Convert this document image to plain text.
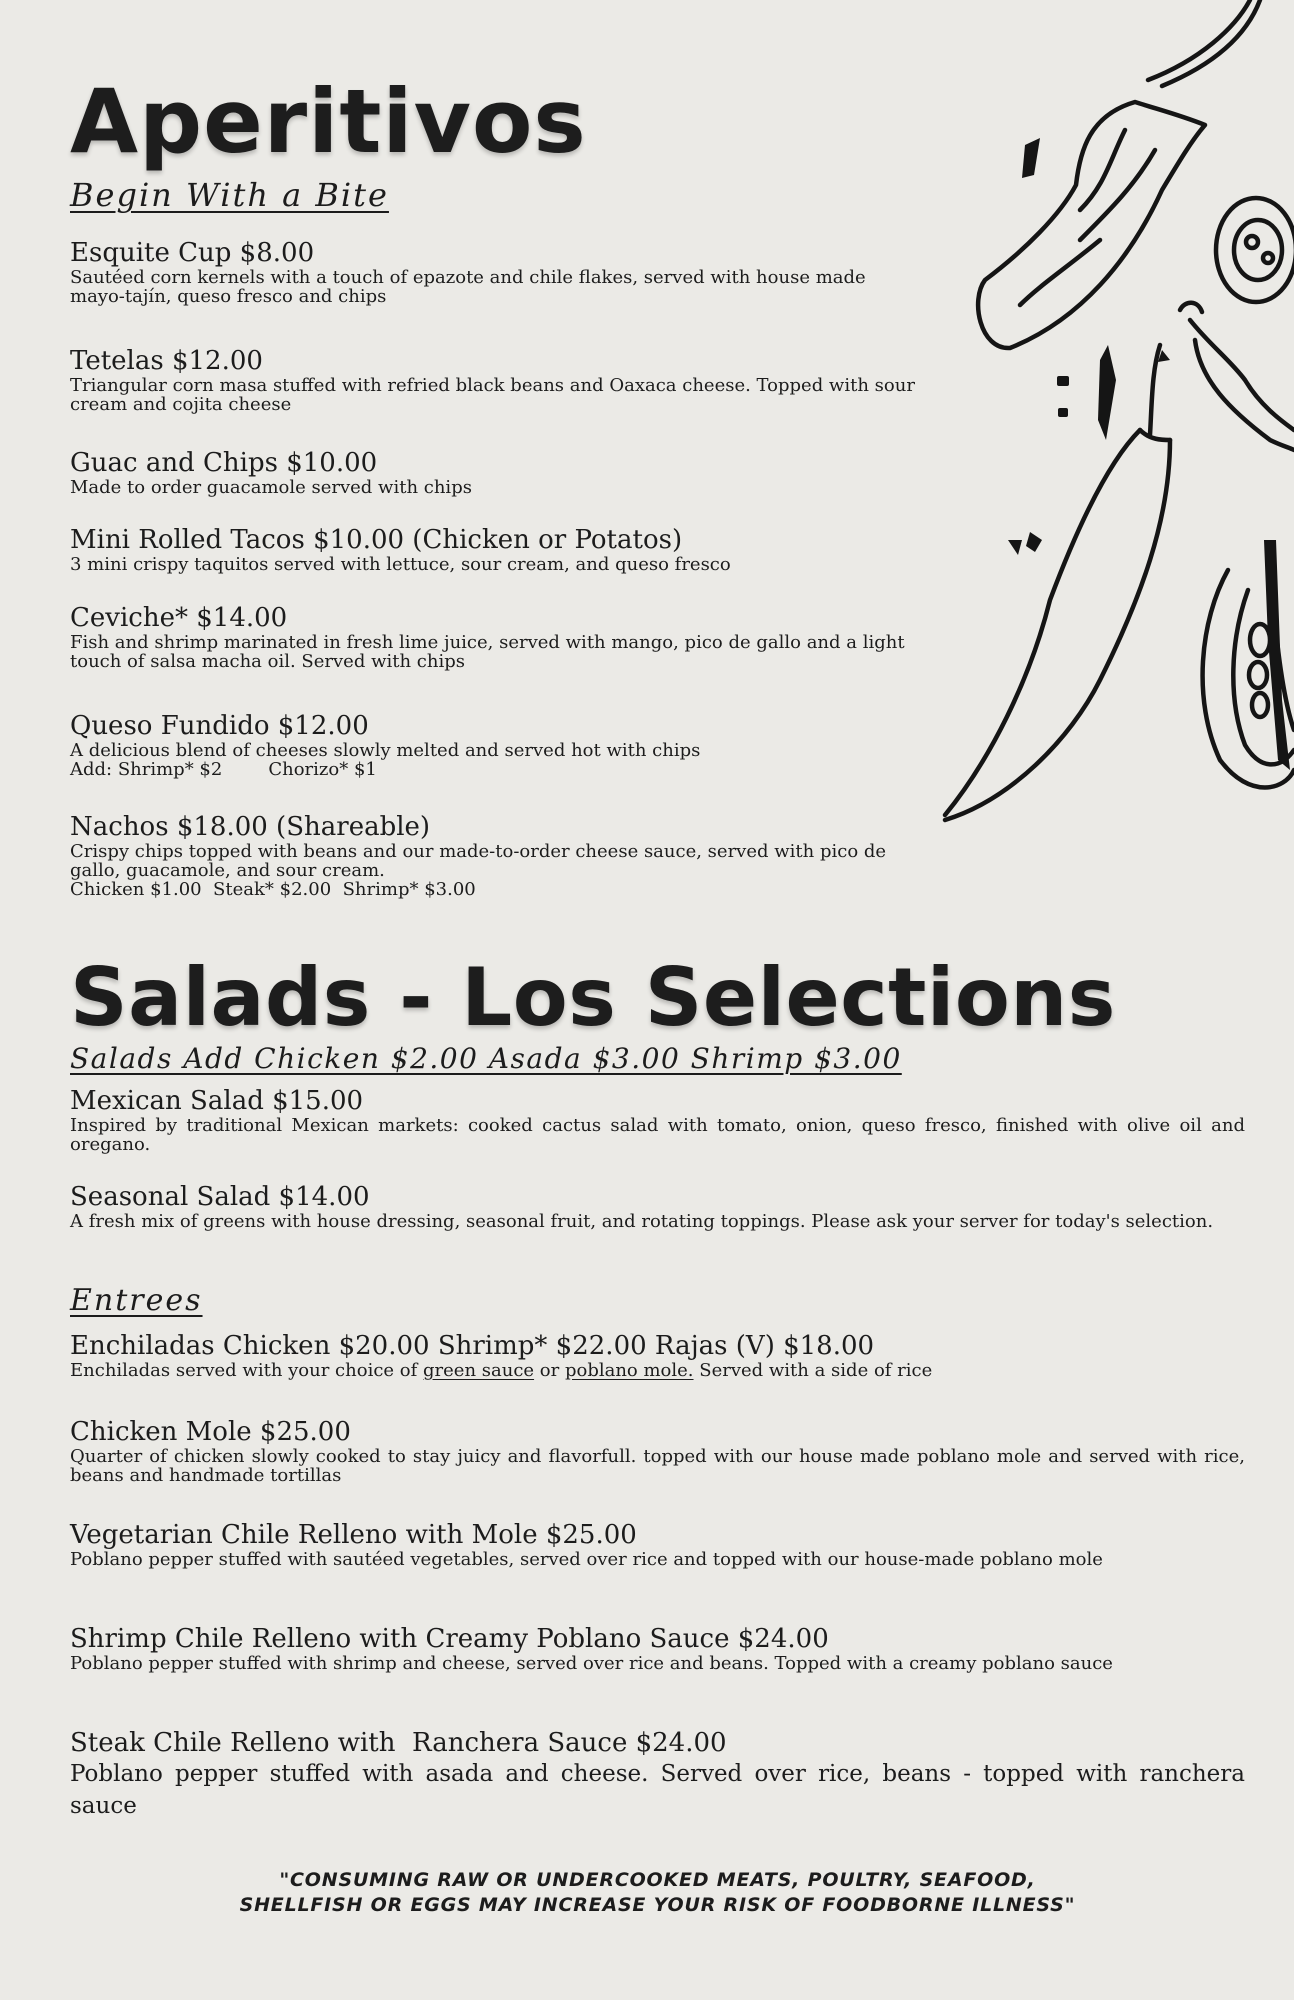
Aperitivos
Begin With a Bite
Esquite Cup $8.00
Sautéed corn kernels with a touch of epazote and chile flakes, served with house made mayo-tajín, queso fresco and chips
Tetelas $12.00
Triangular corn masa stuffed with refried black beans and Oaxaca cheese. Topped with sour cream and cojita cheese
Guac and Chips $10.00
Made to order guacamole served with chips
Mini Rolled Tacos $10.00 (Chicken or Potatos)
3 mini crispy taquitos served with lettuce, sour cream, and queso fresco
Ceviche* $14.00
Fish and shrimp marinated in fresh lime juice, served with mango, pico de gallo and a light touch of salsa macha oil. Served with chips
Queso Fundido $12.00
A delicious blend of cheeses slowly melted and served hot with chips
Add: Shrimp* $2	Chorizo* $1
Nachos $18.00 (Shareable)
Crispy chips topped with beans and our made-to-order cheese sauce, served with pico de gallo, guacamole, and sour cream.
Chicken $1.00  Steak* $2.00  Shrimp* $3.00
Salads - Los Selections
Salads Add Chicken $2.00 Asada $3.00 Shrimp $3.00
Mexican Salad $15.00
Inspired by traditional Mexican markets: cooked cactus salad with tomato, onion, queso fresco, finished with olive oil and oregano.
Seasonal Salad $14.00
A fresh mix of greens with house dressing, seasonal fruit, and rotating toppings. Please ask your server for today's selection.
Entrees
Enchiladas Chicken $20.00 Shrimp* $22.00 Rajas (V) $18.00
Enchiladas served with your choice of green sauce or poblano mole. Served with a side of rice
Chicken Mole $25.00
Quarter of chicken slowly cooked to stay juicy and flavorfull. topped with our house made poblano mole and served with rice, beans and handmade tortillas
Vegetarian Chile Relleno with Mole $25.00
Poblano pepper stuffed with sautéed vegetables, served over rice and topped with our house-made poblano mole
Shrimp Chile Relleno with Creamy Poblano Sauce $24.00
Poblano pepper stuffed with shrimp and cheese, served over rice and beans. Topped with a creamy poblano sauce
Steak Chile Relleno with  Ranchera Sauce $24.00
Poblano pepper stuffed with asada and cheese. Served over rice, beans - topped with ranchera sauce
"CONSUMING RAW OR UNDERCOOKED MEATS, POULTRY, SEAFOOD,
SHELLFISH OR EGGS MAY INCREASE YOUR RISK OF FOODBORNE ILLNESS"
